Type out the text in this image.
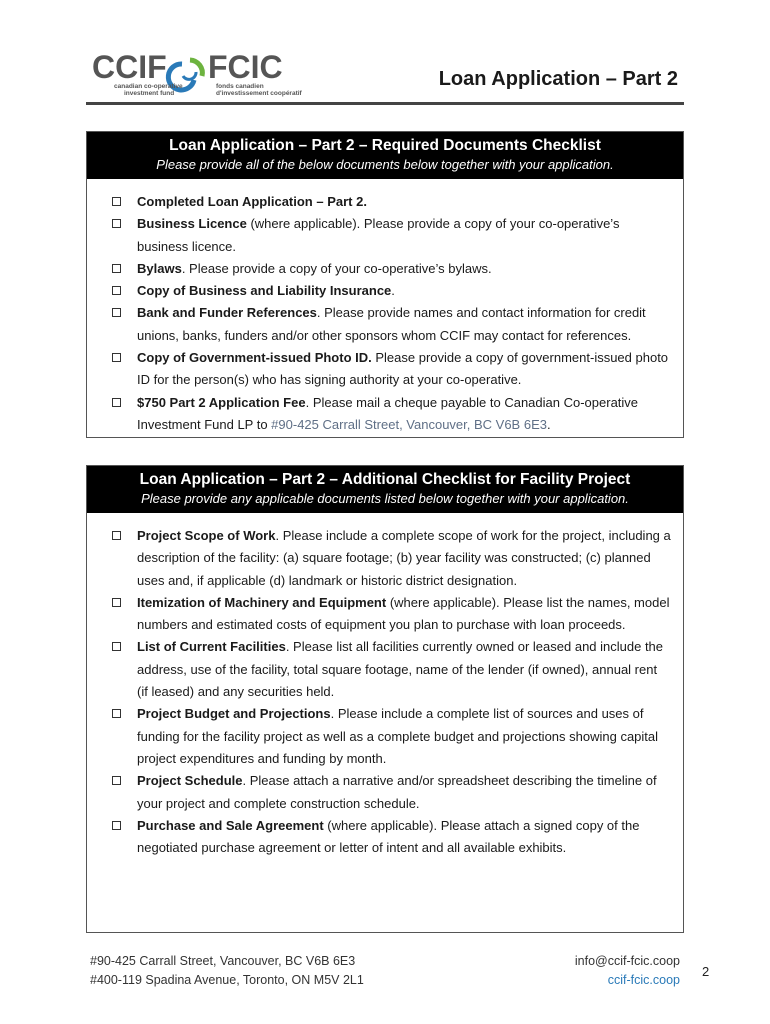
CCIF FCIC
canadian co-operative
investment fund
fonds canadien
d'investissement coopératif
Loan Application – Part 2
Loan Application – Part 2 – Required Documents Checklist
Please provide all of the below documents below together with your application.
Completed Loan Application – Part 2.
Business Licence (where applicable). Please provide a copy of your co-operative’s business licence.
Bylaws. Please provide a copy of your co-operative’s bylaws.
Copy of Business and Liability Insurance.
Bank and Funder References. Please provide names and contact information for credit unions, banks, funders and/or other sponsors whom CCIF may contact for references.
Copy of Government-issued Photo ID. Please provide a copy of government-issued photo ID for the person(s) who has signing authority at your co-operative.
$750 Part 2 Application Fee. Please mail a cheque payable to Canadian Co-operative Investment Fund LP to #90-425 Carrall Street, Vancouver, BC V6B 6E3.
Loan Application – Part 2 – Additional Checklist for Facility Project
Please provide any applicable documents listed below together with your application.
Project Scope of Work. Please include a complete scope of work for the project, including a description of the facility: (a) square footage; (b) year facility was constructed; (c) planned uses and, if applicable (d) landmark or historic district designation.
Itemization of Machinery and Equipment (where applicable). Please list the names, model numbers and estimated costs of equipment you plan to purchase with loan proceeds.
List of Current Facilities. Please list all facilities currently owned or leased and include the address, use of the facility, total square footage, name of the lender (if owned), annual rent (if leased) and any securities held.
Project Budget and Projections. Please include a complete list of sources and uses of funding for the facility project as well as a complete budget and projections showing capital project expenditures and funding by month.
Project Schedule. Please attach a narrative and/or spreadsheet describing the timeline of your project and complete construction schedule.
Purchase and Sale Agreement (where applicable). Please attach a signed copy of the negotiated purchase agreement or letter of intent and all available exhibits.
#90-425 Carrall Street, Vancouver, BC V6B 6E3
#400-119 Spadina Avenue, Toronto, ON M5V 2L1
info@ccif-fcic.coop
ccif-fcic.coop
2
